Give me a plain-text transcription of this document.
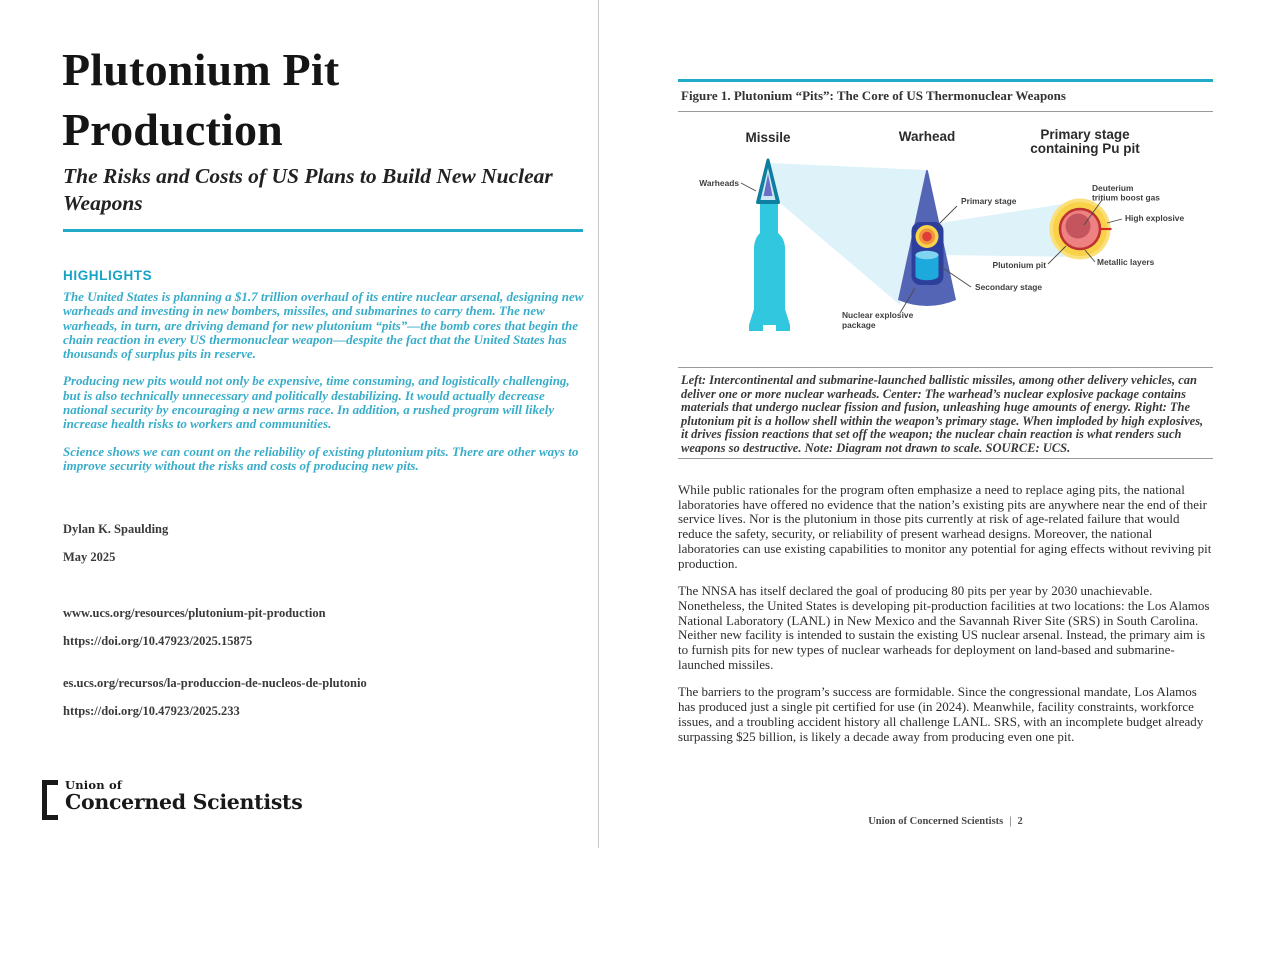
Plutonium Pit
Production
The Risks and Costs of US Plans to Build New Nuclear Weapons
HIGHLIGHTS

The United States is planning a $1.7 trillion overhaul of its entire nuclear arsenal, designing new warheads and investing in new bombers, missiles, and submarines to carry them. The new warheads, in turn, are driving demand for new plutonium “pits”—the bomb cores that begin the chain reaction in every US thermonuclear weapon—despite the fact that the United States has thousands of surplus pits in reserve.

Producing new pits would not only be expensive, time consuming, and logistically challenging, but is also technically unnecessary and politically destabilizing. It would actually decrease national security by encouraging a new arms race. In addition, a rushed program will likely increase health risks to workers and communities.

Science shows we can count on the reliability of existing plutonium pits. There are other ways to improve security without the risks and costs of producing new pits.

Dylan K. Spaulding
May 2025
www.ucs.org/resources/plutonium-pit-production
https://doi.org/10.47923/2025.15875
es.ucs.org/recursos/la-produccion-de-nucleos-de-plutonio
https://doi.org/10.47923/2025.233
Union of
Concerned Scientists
Figure 1. Plutonium “Pits”: The Core of US Thermonuclear Weapons
Missile	Warhead	Primary stage
containing Pu pit
Warheads
Primary stage
Secondary stage
Nuclear explosive
package
Deuterium
tritium boost gas
High explosive
Metallic layers
Plutonium pit
Left: Intercontinental and submarine-launched ballistic missiles, among other delivery vehicles, can deliver one or more nuclear warheads. Center: The warhead’s nuclear explosive package contains materials that undergo nuclear fission and fusion, unleashing huge amounts of energy. Right: The plutonium pit is a hollow shell within the weapon’s primary stage. When imploded by high explosives, it drives fission reactions that set off the weapon; the nuclear chain reaction is what renders such weapons so destructive. Note: Diagram not drawn to scale. SOURCE: UCS.

While public rationales for the program often emphasize a need to replace aging pits, the national laboratories have offered no evidence that the nation’s existing pits are anywhere near the end of their service lives. Nor is the plutonium in those pits currently at risk of age-related failure that would reduce the safety, security, or reliability of present warhead designs. Moreover, the national laboratories can use existing capabilities to monitor any potential for aging effects without reviving pit production.

The NNSA has itself declared the goal of producing 80 pits per year by 2030 unachievable. Nonetheless, the United States is developing pit-production facilities at two locations: the Los Alamos National Laboratory (LANL) in New Mexico and the Savannah River Site (SRS) in South Carolina. Neither new facility is intended to sustain the existing US nuclear arsenal. Instead, the primary aim is to furnish pits for new types of nuclear warheads for deployment on land-based and submarine-launched missiles.

The barriers to the program’s success are formidable. Since the congressional mandate, Los Alamos has produced just a single pit certified for use (in 2024). Meanwhile, facility constraints, workforce issues, and a troubling accident history all challenge LANL. SRS, with an incomplete budget already surpassing $25 billion, is likely a decade away from producing even one pit.

Union of Concerned Scientists | 2
